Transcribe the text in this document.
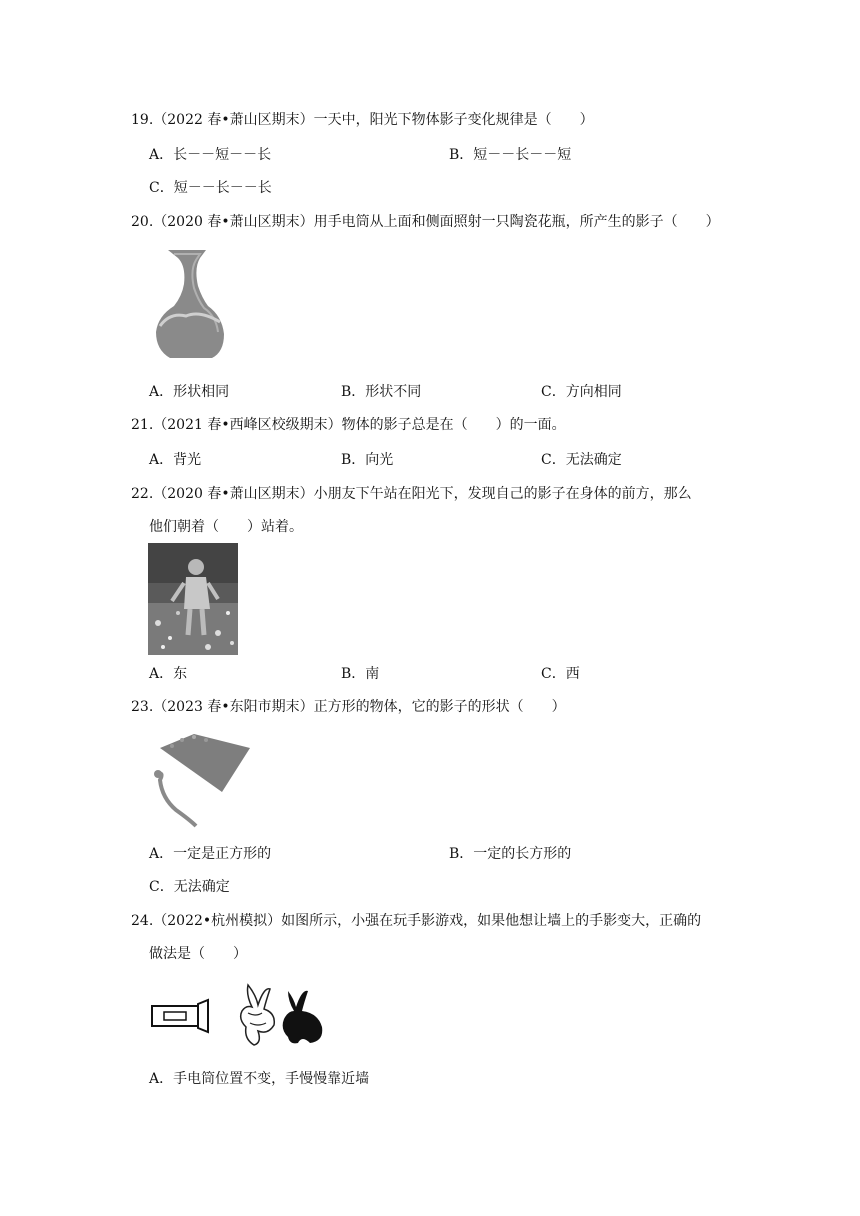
19.（2022 春•萧山区期末）一天中，阳光下物体影子变化规律是（　　）
A．长－－短－－长	B．短－－长－－短
C．短－－长－－长
20.（2020 春•萧山区期末）用手电筒从上面和侧面照射一只陶瓷花瓶，所产生的影子（　　）
A．形状相同	B．形状不同	C．方向相同
21.（2021 春•西峰区校级期末）物体的影子总是在（　　）的一面。
A．背光	B．向光	C．无法确定
22.（2020 春•萧山区期末）小朋友下午站在阳光下，发现自己的影子在身体的前方，那么
他们朝着（　　）站着。
A．东	B．南	C．西
23.（2023 春•东阳市期末）正方形的物体，它的影子的形状（　　）
A．一定是正方形的	B．一定的长方形的
C．无法确定
24.（2022•杭州模拟）如图所示，小强在玩手影游戏，如果他想让墙上的手影变大，正确的
做法是（　　）
A．手电筒位置不变，手慢慢靠近墙
